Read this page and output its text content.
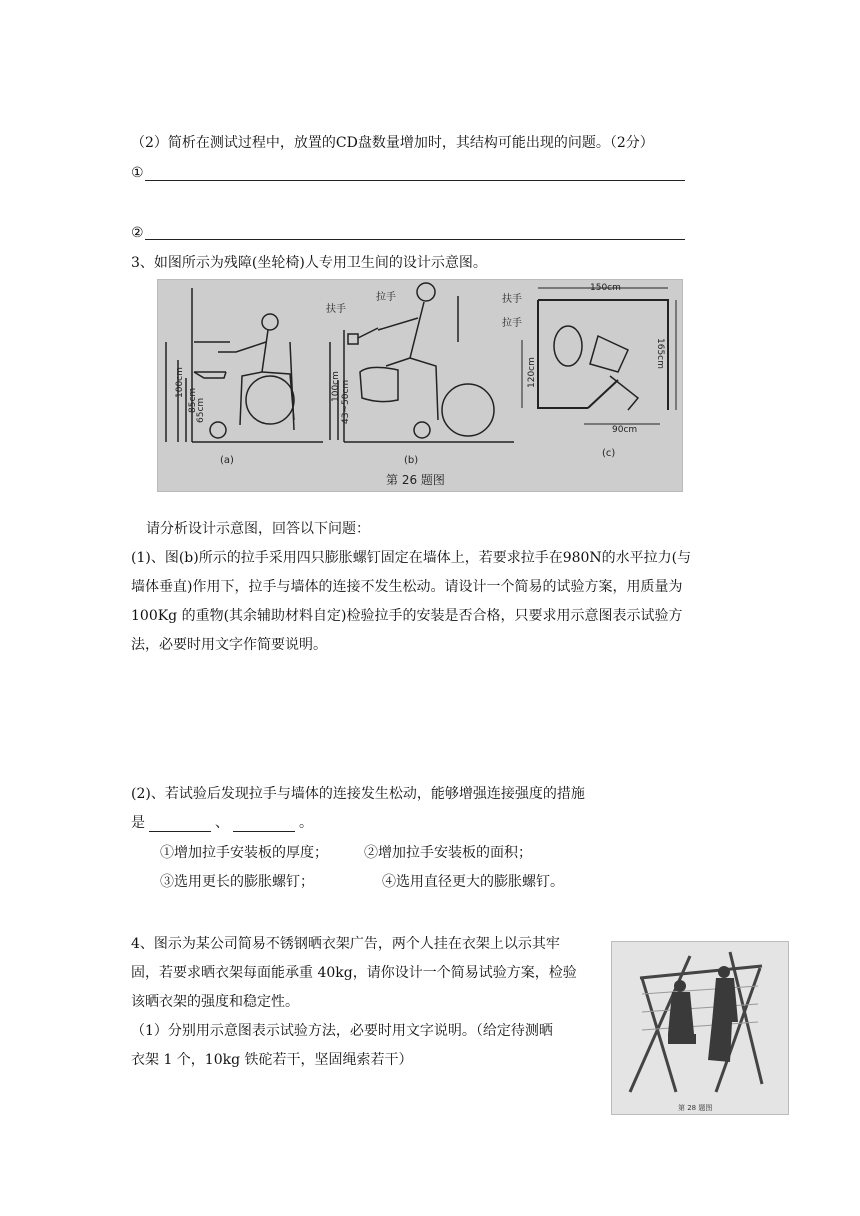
（2）简析在测试过程中，放置的CD盘数量增加时，其结构可能出现的问题。（2分）
①
②
3、如图所示为残障(坐轮椅)人专用卫生间的设计示意图。
100cm
85cm
65cm
(a)
扶手
拉手
100cm 43~50cm
(b)
扶手
拉手
150cm
165cm
120cm
90cm
(c)
第 26 题图
请分析设计示意图，回答以下问题：
(1)、图(b)所示的拉手采用四只膨胀螺钉固定在墙体上，若要求拉手在980N的水平拉力(与
墙体垂直)作用下，拉手与墙体的连接不发生松动。请设计一个简易的试验方案，用质量为
100Kg 的重物(其余辅助材料自定)检验拉手的安装是否合格，只要求用示意图表示试验方
法，必要时用文字作简要说明。
(2)、若试验后发现拉手与墙体的连接发生松动，能够增强连接强度的措施
是	、	。
①增加拉手安装板的厚度；	②增加拉手安装板的面积；
③选用更长的膨胀螺钉；	④选用直径更大的膨胀螺钉。
4、图示为某公司简易不锈钢晒衣架广告，两个人挂在衣架上以示其牢
固，若要求晒衣架每面能承重 40kg，请你设计一个简易试验方案，检验
该晒衣架的强度和稳定性。
（1）分别用示意图表示试验方法，必要时用文字说明。（给定待测晒
衣架 1 个，10kg 铁砣若干，坚固绳索若干）
第 28 题图
